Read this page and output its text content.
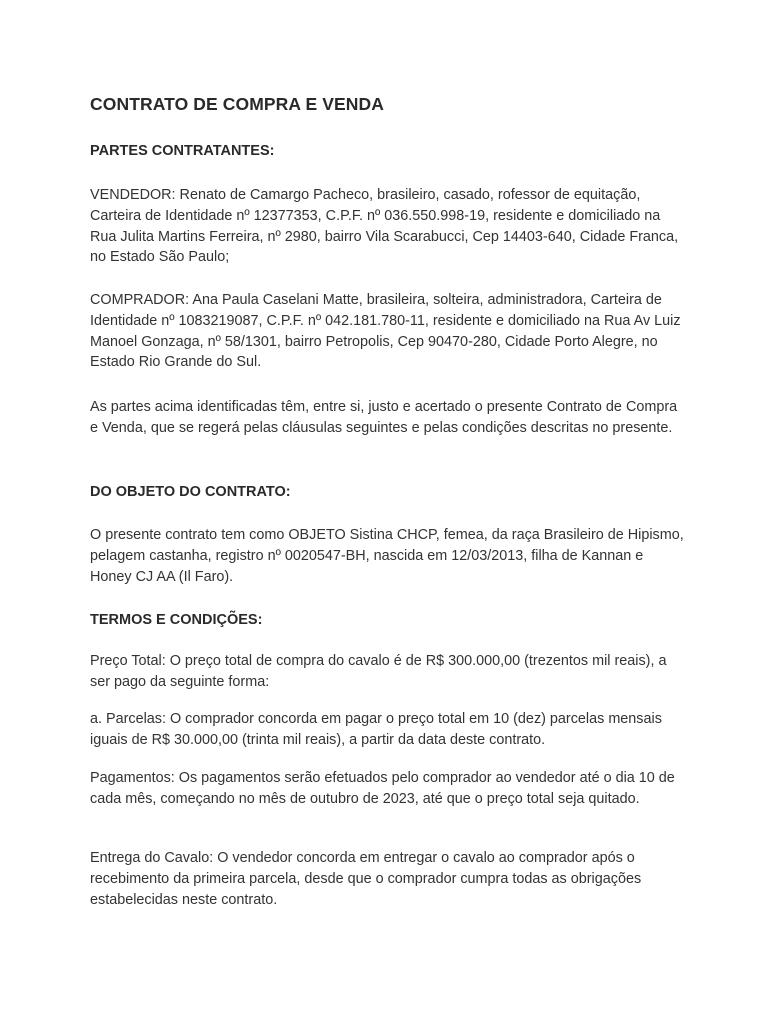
CONTRATO DE COMPRA E VENDA
PARTES CONTRATANTES:

VENDEDOR: Renato de Camargo Pacheco, brasileiro, casado, rofessor de equitação, Carteira de Identidade nº 12377353, C.P.F. nº 036.550.998-19, residente e domiciliado na Rua Julita Martins Ferreira, nº 2980, bairro Vila Scarabucci, Cep 14403-640, Cidade Franca, no Estado São Paulo;

COMPRADOR: Ana Paula Caselani Matte, brasileira, solteira, administradora, Carteira de Identidade nº 1083219087, C.P.F. nº 042.181.780-11, residente e domiciliado na Rua Av Luiz Manoel Gonzaga, nº 58/1301, bairro Petropolis, Cep 90470-280, Cidade Porto Alegre, no Estado Rio Grande do Sul.

As partes acima identificadas têm, entre si, justo e acertado o presente Contrato de Compra e Venda, que se regerá pelas cláusulas seguintes e pelas condições descritas no presente.

DO OBJETO DO CONTRATO:

O presente contrato tem como OBJETO Sistina CHCP, femea, da raça Brasileiro de Hipismo, pelagem castanha, registro nº 0020547-BH, nascida em 12/03/2013, filha de Kannan e Honey CJ AA (Il Faro).

TERMOS E CONDIÇÕES:

Preço Total: O preço total de compra do cavalo é de R$ 300.000,00 (trezentos mil reais), a ser pago da seguinte forma:

a. Parcelas: O comprador concorda em pagar o preço total em 10 (dez) parcelas mensais iguais de R$ 30.000,00 (trinta mil reais), a partir da data deste contrato.

Pagamentos: Os pagamentos serão efetuados pelo comprador ao vendedor até o dia 10 de cada mês, começando no mês de outubro de 2023, até que o preço total seja quitado.

Entrega do Cavalo: O vendedor concorda em entregar o cavalo ao comprador após o recebimento da primeira parcela, desde que o comprador cumpra todas as obrigações estabelecidas neste contrato.
